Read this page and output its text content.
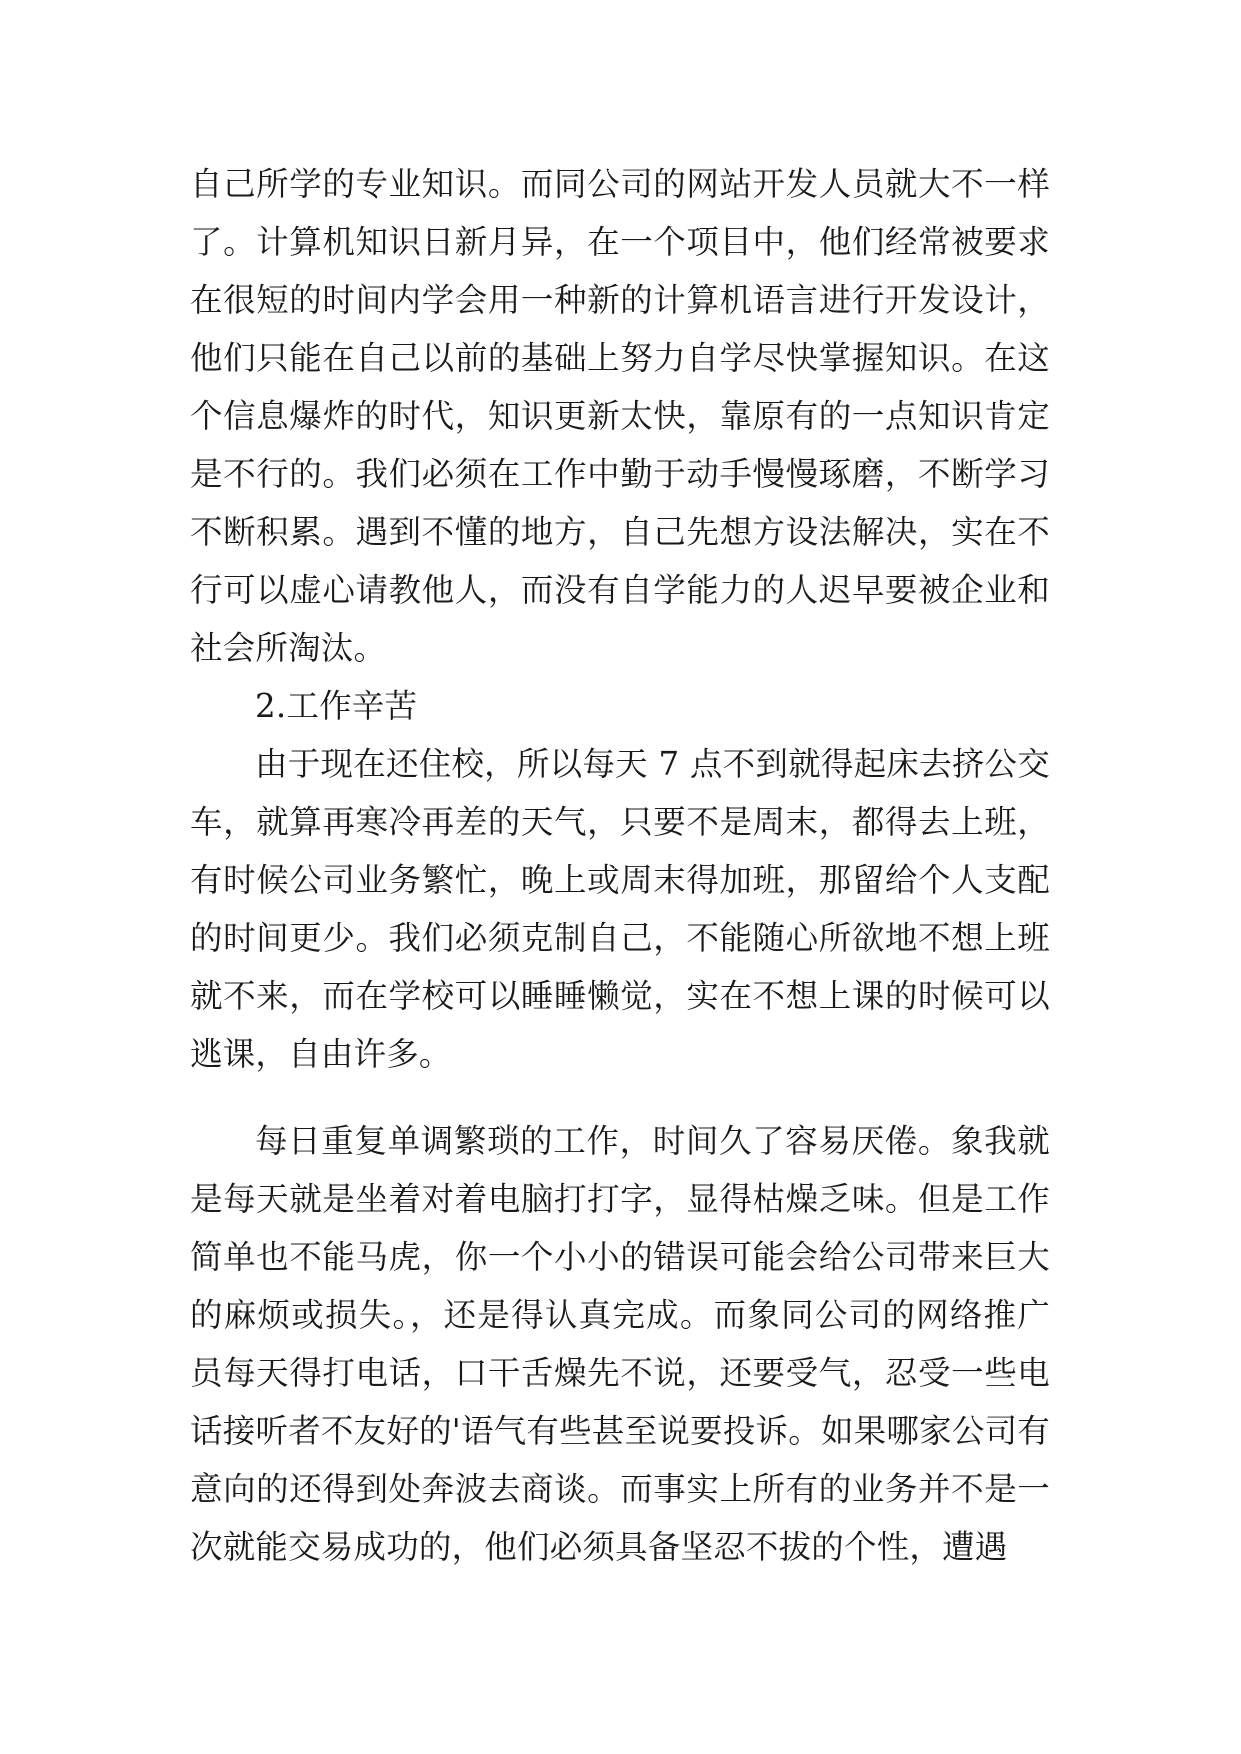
自己所学的专业知识。而同公司的网站开发人员就大不一样了。计算机知识日新月异，在一个项目中，他们经常被要求在很短的时间内学会用一种新的计算机语言进行开发设计，他们只能在自己以前的基础上努力自学尽快掌握知识。在这个信息爆炸的时代，知识更新太快，靠原有的一点知识肯定是不行的。我们必须在工作中勤于动手慢慢琢磨，不断学习不断积累。遇到不懂的地方，自己先想方设法解决，实在不行可以虚心请教他人，而没有自学能力的人迟早要被企业和社会所淘汰。

2.工作辛苦

由于现在还住校，所以每天 7 点不到就得起床去挤公交车，就算再寒冷再差的天气，只要不是周末，都得去上班，有时候公司业务繁忙，晚上或周末得加班，那留给个人支配的时间更少。我们必须克制自己，不能随心所欲地不想上班就不来，而在学校可以睡睡懒觉，实在不想上课的时候可以逃课，自由许多。

每日重复单调繁琐的工作，时间久了容易厌倦。象我就是每天就是坐着对着电脑打打字，显得枯燥乏味。但是工作简单也不能马虎，你一个小小的错误可能会给公司带来巨大的麻烦或损失。，还是得认真完成。而象同公司的网络推广员每天得打电话，口干舌燥先不说，还要受气，忍受一些电话接听者不友好的'语气有些甚至说要投诉。如果哪家公司有意向的还得到处奔波去商谈。而事实上所有的业务并不是一次就能交易成功的，他们必须具备坚忍不拔的个性，遭遇
